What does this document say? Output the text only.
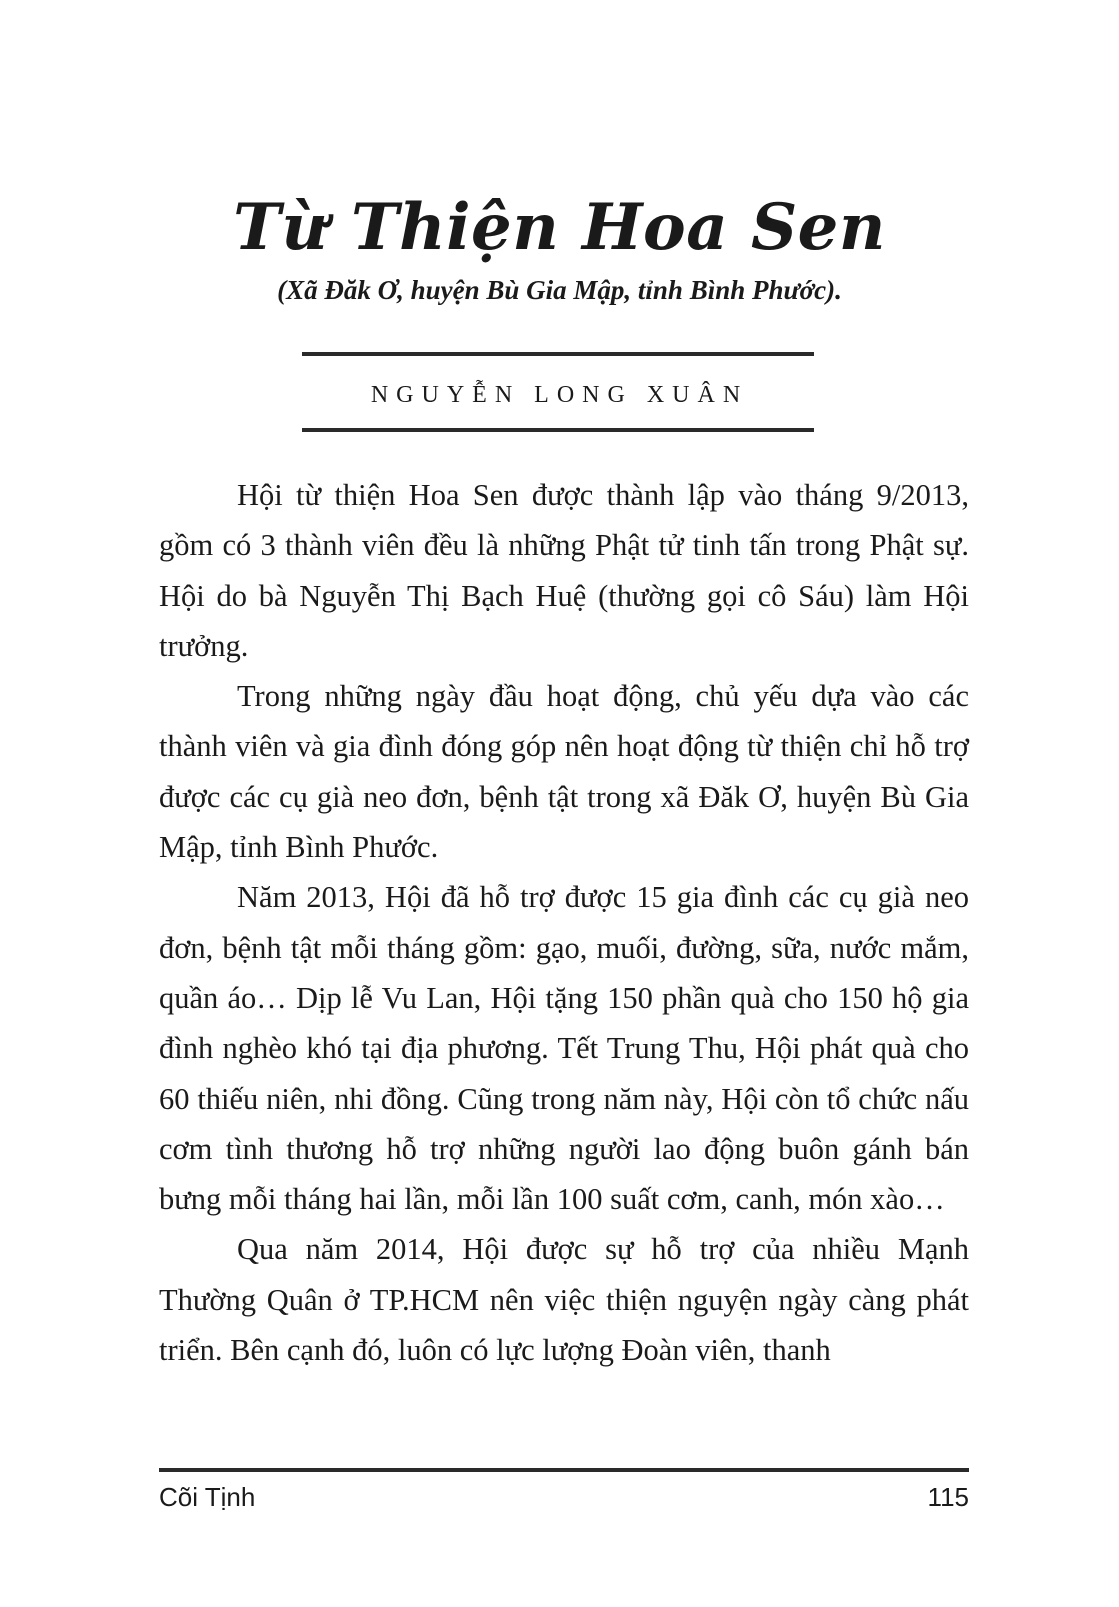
Từ Thiện Hoa Sen

(Xã Đăk Ơ, huyện Bù Gia Mập, tỉnh Bình Phước).

NGUYỄN LONG XUÂN

Hội từ thiện Hoa Sen được thành lập vào tháng 9/2013, gồm có 3 thành viên đều là những Phật tử tinh tấn trong Phật sự. Hội do bà Nguyễn Thị Bạch Huệ (thường gọi cô Sáu) làm Hội trưởng.

Trong những ngày đầu hoạt động, chủ yếu dựa vào các thành viên và gia đình đóng góp nên hoạt động từ thiện chỉ hỗ trợ được các cụ già neo đơn, bệnh tật trong xã Đăk Ơ, huyện Bù Gia Mập, tỉnh Bình Phước.

Năm 2013, Hội đã hỗ trợ được 15 gia đình các cụ già neo đơn, bệnh tật mỗi tháng gồm: gạo, muối, đường, sữa, nước mắm, quần áo… Dịp lễ Vu Lan, Hội tặng 150 phần quà cho 150 hộ gia đình nghèo khó tại địa phương. Tết Trung Thu, Hội phát quà cho 60 thiếu niên, nhi đồng. Cũng trong năm này, Hội còn tổ chức nấu cơm tình thương hỗ trợ những người lao động buôn gánh bán bưng mỗi tháng hai lần, mỗi lần 100 suất cơm, canh, món xào…

Qua năm 2014, Hội được sự hỗ trợ của nhiều Mạnh Thường Quân ở TP.HCM nên việc thiện nguyện ngày càng phát triển. Bên cạnh đó, luôn có lực lượng Đoàn viên, thanh

Cõi Tịnh	115
